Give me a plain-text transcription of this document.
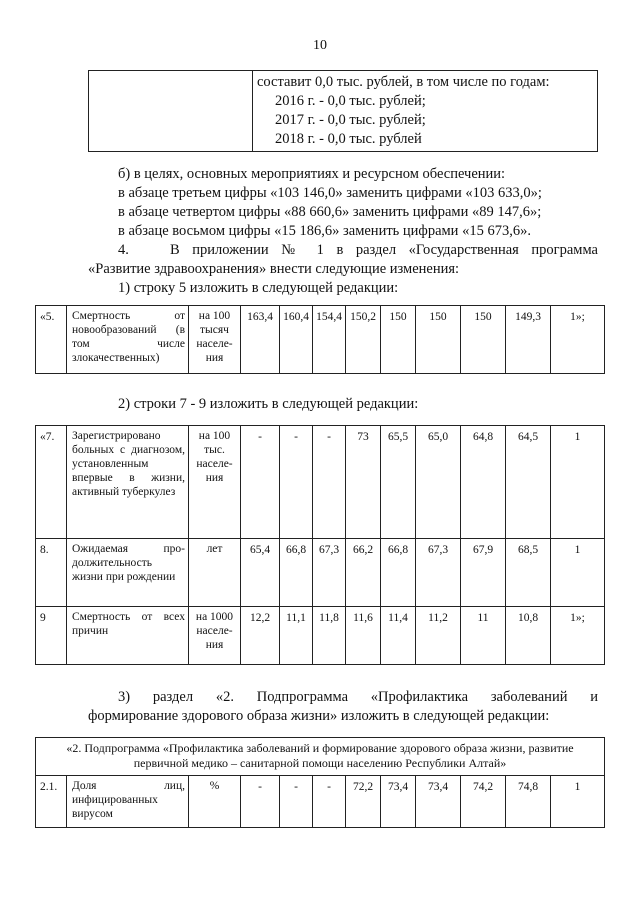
10

составит 0,0 тыс. рублей, в том числе по годам:
2016 г. - 0,0 тыс. рублей;
2017 г. - 0,0 тыс. рублей;
2018 г. - 0,0 тыс. рублей
б) в целях, основных мероприятиях и ресурсном обеспечении:
в абзаце третьем цифры «103 146,0» заменить цифрами «103 633,0»;
в абзаце четвертом цифры «88 660,6» заменить цифрами «89 147,6»;
в абзаце восьмом цифры «15 186,6» заменить цифрами «15 673,6».
4.	В приложении № 1 в раздел «Государственная программа
«Развитие здравоохранения» внести следующие изменения:
1) строку 5 изложить в следующей редакции:
«5.	Смертность от новообразований (в том числе злокачественных)	на 100 тысяч населе-ния	163,4	160,4	154,4	150,2	150	150	150	149,3	1»;
2) строки 7 - 9 изложить в следующей редакции:
«7.	Зарегистрировано больных с диагнозом, установленным впервые в жизни, активный туберкулез	на 100 тыс. населе-ния	-	-	-	73	65,5	65,0	64,8	64,5	1
8.	Ожидаемая про-должительность жизни при рождении	лет	65,4	66,8	67,3	66,2	66,8	67,3	67,9	68,5	1
9	Смертность от всех причин	на 1000 населе-ния	12,2	11,1	11,8	11,6	11,4	11,2	11	10,8	1»;
3) раздел «2. Подпрограмма «Профилактика заболеваний и
формирование здорового образа жизни» изложить в следующей редакции:
«2. Подпрограмма «Профилактика заболеваний и формирование здорового образа жизни, развитие первичной медико – санитарной помощи населению Республики Алтай»
2.1.	Доля лиц, инфицированных вирусом	%	-	-	-	72,2	73,4	73,4	74,2	74,8	1
